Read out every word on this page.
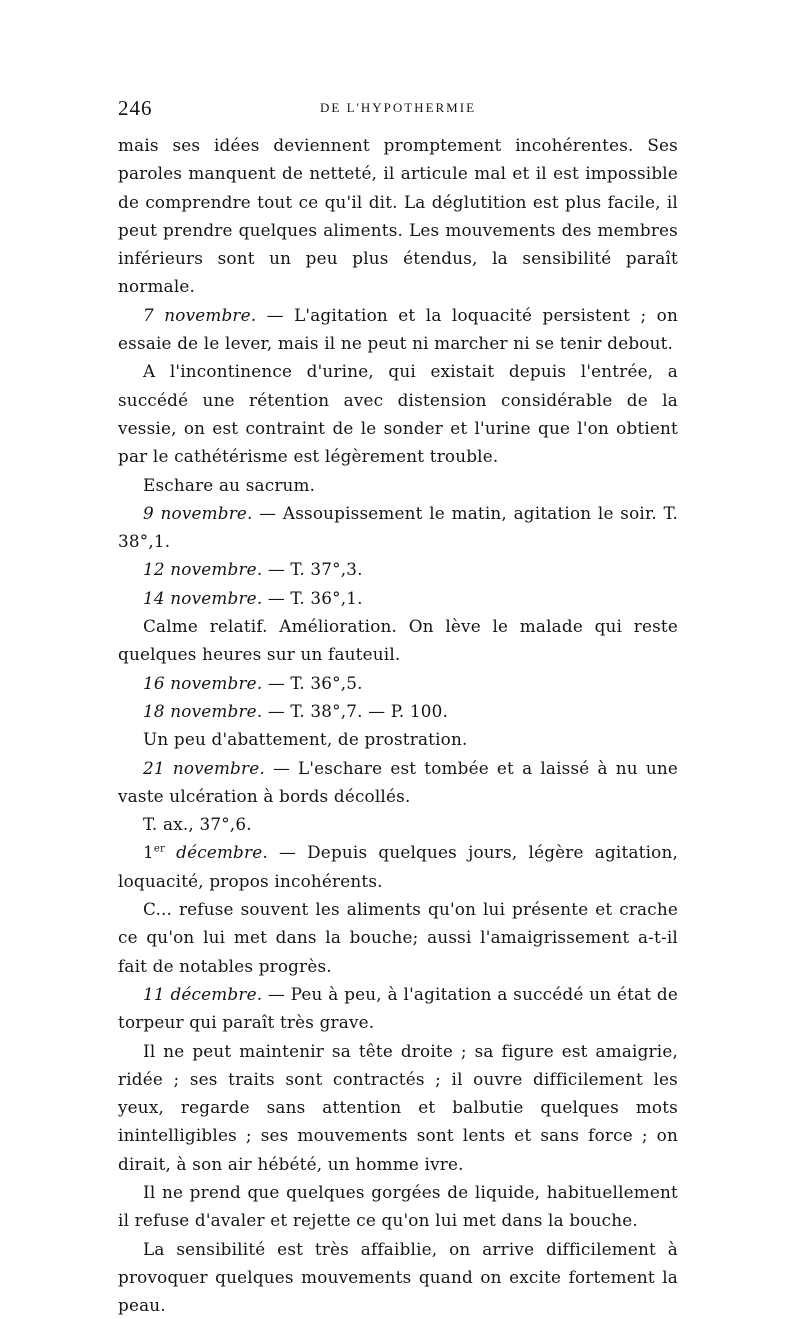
246	DE L'HYPOTHERMIE

mais ses idées deviennent promptement incohérentes. Ses paroles manquent de netteté, il articule mal et il est impossible de comprendre tout ce qu'il dit. La déglutition est plus facile, il peut prendre quelques aliments. Les mouvements des membres inférieurs sont un peu plus étendus, la sensibilité paraît normale.

7 novembre. — L'agitation et la loquacité persistent ; on essaie de le lever, mais il ne peut ni marcher ni se tenir debout.

A l'incontinence d'urine, qui existait depuis l'entrée, a succédé une rétention avec distension considérable de la vessie, on est contraint de le sonder et l'urine que l'on obtient par le cathétérisme est légèrement trouble.

Eschare au sacrum.

9 novembre. — Assoupissement le matin, agitation le soir. T. 38°,1.

12 novembre. — T. 37°,3.

14 novembre. — T. 36°,1.

Calme relatif. Amélioration. On lève le malade qui reste quelques heures sur un fauteuil.

16 novembre. — T. 36°,5.

18 novembre. — T. 38°,7. — P. 100.

Un peu d'abattement, de prostration.

21 novembre. — L'eschare est tombée et a laissé à nu une vaste ulcération à bords décollés.

T. ax., 37°,6.

1er décembre. — Depuis quelques jours, légère agitation, loquacité, propos incohérents.

C... refuse souvent les aliments qu'on lui présente et crache ce qu'on lui met dans la bouche; aussi l'amaigrissement a-t-il fait de notables progrès.

11 décembre. — Peu à peu, à l'agitation a succédé un état de torpeur qui paraît très grave.

Il ne peut maintenir sa tête droite ; sa figure est amaigrie, ridée ; ses traits sont contractés ; il ouvre difficilement les yeux, regarde sans attention et balbutie quelques mots inintelligibles ; ses mouvements sont lents et sans force ; on dirait, à son air hébété, un homme ivre.

Il ne prend que quelques gorgées de liquide, habituellement il refuse d'avaler et rejette ce qu'on lui met dans la bouche.

La sensibilité est très affaiblie, on arrive difficilement à provoquer quelques mouvements quand on excite fortement la peau.
